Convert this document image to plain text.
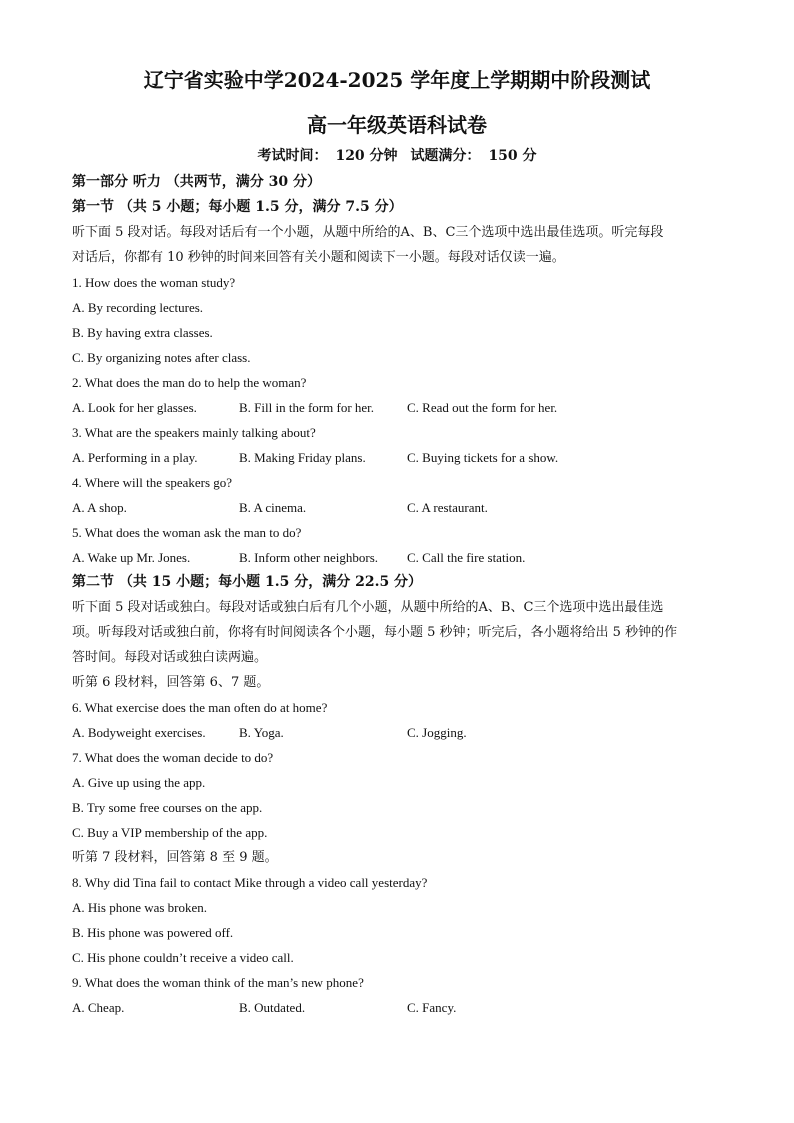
辽宁省实验中学2024-2025 学年度上学期期中阶段测试
高一年级英语科试卷
考试时间： 120 分钟 试题满分： 150 分
第一部分 听力 （共两节，满分 30 分）
第一节 （共 5 小题；每小题 1.5 分，满分 7.5 分）
听下面 5 段对话。每段对话后有一个小题，从题中所给的A、B、C三个选项中选出最佳选项。听完每段
对话后，你都有 10 秒钟的时间来回答有关小题和阅读下一小题。每段对话仅读一遍。
1. How does the woman study?
A. By recording lectures.
B. By having extra classes.
C. By organizing notes after class.
2. What does the man do to help the woman?
A. Look for her glasses.	B. Fill in the form for her.	C. Read out the form for her.
3. What are the speakers mainly talking about?
A. Performing in a play.	B. Making Friday plans.	C. Buying tickets for a show.
4. Where will the speakers go?
A. A shop.	B. A cinema.	C. A restaurant.
5. What does the woman ask the man to do?
A. Wake up Mr. Jones.	B. Inform other neighbors. C. Call the fire station.
第二节 （共 15 小题；每小题 1.5 分，满分 22.5 分）
听下面 5 段对话或独白。每段对话或独白后有几个小题，从题中所给的A、B、C三个选项中选出最佳选
项。听每段对话或独白前，你将有时间阅读各个小题，每小题 5 秒钟；听完后，各小题将给出 5 秒钟的作
答时间。每段对话或独白读两遍。
听第 6 段材料，回答第 6、7 题。
6. What exercise does the man often do at home?
A. Bodyweight exercises.	B. Yoga.	C. Jogging.
7. What does the woman decide to do?
A. Give up using the app.
B. Try some free courses on the app.
C. Buy a VIP membership of the app.
听第 7 段材料，回答第 8 至 9 题。
8. Why did Tina fail to contact Mike through a video call yesterday?
A. His phone was broken.
B. His phone was powered off.
C. His phone couldn’t receive a video call.
9. What does the woman think of the man’s new phone?
A. Cheap.	B. Outdated.	C. Fancy.
